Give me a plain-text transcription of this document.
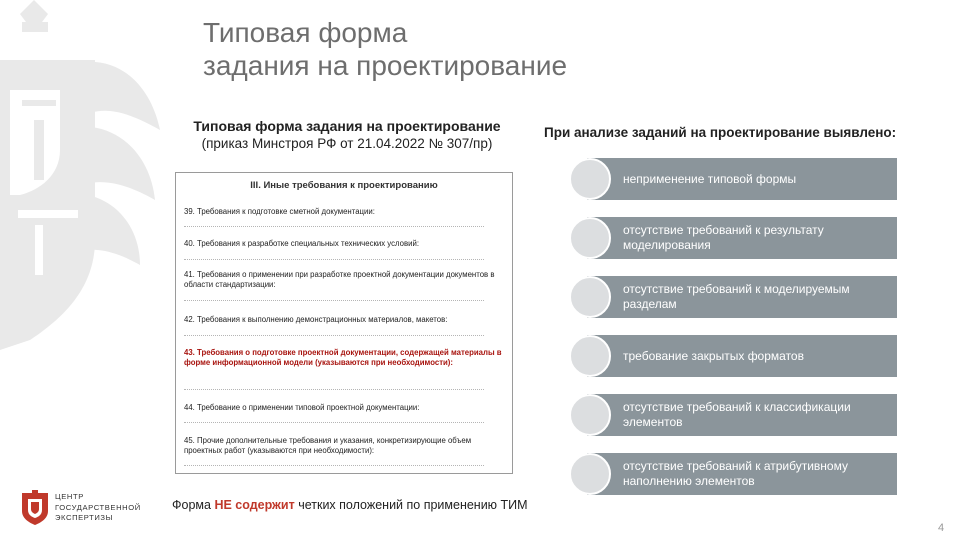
Типовая форма
задания на проектирование
Типовая форма задания на проектирование
(приказ Минстроя РФ от 21.04.2022 № 307/пр)
III. Иные требования к проектированию
39. Требования к подготовке сметной документации:
40. Требования к разработке специальных технических условий:
41. Требования о применении при разработке проектной документации документов в области стандартизации:
42. Требования к выполнению демонстрационных материалов, макетов:
43. Требования о подготовке проектной документации, содержащей материалы в форме информационной модели (указываются при необходимости):
44. Требование о применении типовой проектной документации:
45. Прочие дополнительные требования и указания, конкретизирующие объем проектных работ (указываются при необходимости):
Форма НЕ содержит четких положений по применению ТИМ
При анализе заданий на проектирование выявлено:
неприменение типовой формы
отсутствие требований к результату моделирования
отсутствие требований к моделируемым разделам
требование закрытых форматов
отсутствие требований к классификации элементов
отсутствие требований к атрибутивному наполнению элементов
ЦЕНТР
ГОСУДАРСТВЕННОЙ
ЭКСПЕРТИЗЫ
4
